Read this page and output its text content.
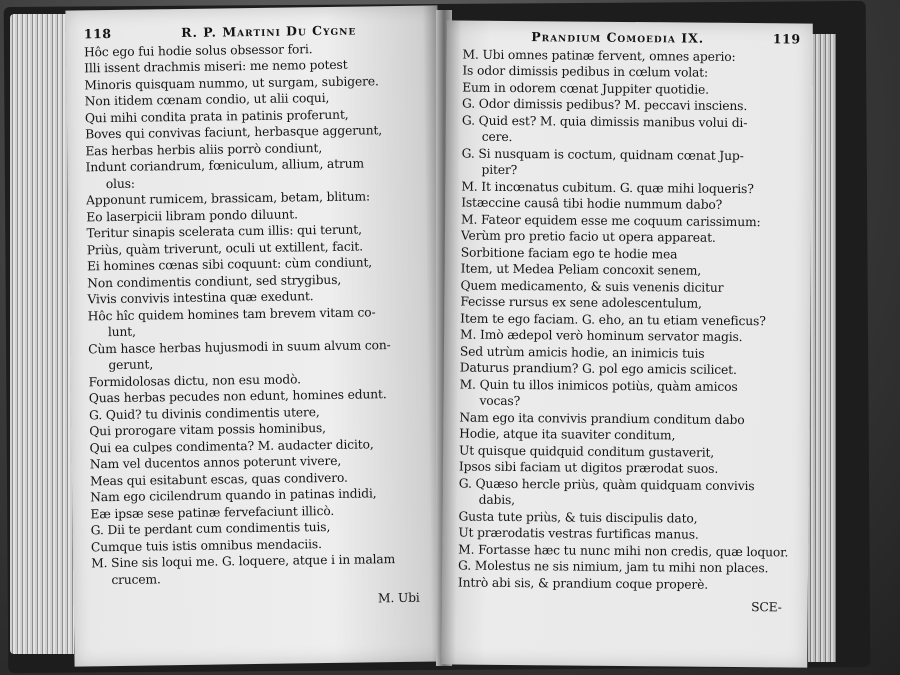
118	R. P. Martini Du Cygne
Hôc ego fui hodie solus obsessor fori.
Illi issent drachmis miseri: me nemo potest
Minoris quisquam nummo, ut surgam, subigere.
Non itidem cœnam condio, ut alii coqui,
Qui mihi condita prata in patinis proferunt,
Boves qui convivas faciunt, herbasque aggerunt,
Eas herbas herbis aliis porrò condiunt,
Indunt coriandrum, fœniculum, allium, atrum
olus:
Apponunt rumicem, brassicam, betam, blitum:
Eo laserpicii libram pondo diluunt.
Teritur sinapis scelerata cum illis: qui terunt,
Priùs, quàm triverunt, oculi ut extillent, facit.
Ei homines cœnas sibi coquunt: cùm condiunt,
Non condimentis condiunt, sed strygibus,
Vivis convivis intestina quæ exedunt.
Hôc hîc quidem homines tam brevem vitam co-
lunt,
Cùm hasce herbas hujusmodi in suum alvum con-
gerunt,
Formidolosas dictu, non esu modò.
Quas herbas pecudes non edunt, homines edunt.
G. Quid? tu divinis condimentis utere,
Qui prorogare vitam possis hominibus,
Qui ea culpes condimenta? M. audacter dicito,
Nam vel ducentos annos poterunt vivere,
Meas qui esitabunt escas, quas condivero.
Nam ego cicilendrum quando in patinas indidi,
Eæ ipsæ sese patinæ fervefaciunt illicò.
G. Dii te perdant cum condimentis tuis,
Cumque tuis istis omnibus mendaciis.
M. Sine sis loqui me. G. loquere, atque i in malam
crucem.
M. Ubi
Prandium Comoedia IX.	119
M. Ubi omnes patinæ fervent, omnes aperio:
Is odor dimissis pedibus in cœlum volat:
Eum in odorem cœnat Juppiter quotidie.
G. Odor dimissis pedibus? M. peccavi insciens.
G. Quid est? M. quia dimissis manibus volui di-
cere.
G. Si nusquam is coctum, quidnam cœnat Jup-
piter?
M. It incœnatus cubitum. G. quæ mihi loqueris?
Istæccine causâ tibi hodie nummum dabo?
M. Fateor equidem esse me coquum carissimum:
Verùm pro pretio facio ut opera appareat.
Sorbitione faciam ego te hodie mea
Item, ut Medea Peliam concoxit senem,
Quem medicamento, & suis venenis dicitur
Fecisse rursus ex sene adolescentulum,
Item te ego faciam. G. eho, an tu etiam veneficus?
M. Imò ædepol verò hominum servator magis.
Sed utrùm amicis hodie, an inimicis tuis
Daturus prandium? G. pol ego amicis scilicet.
M. Quin tu illos inimicos potiùs, quàm amicos
vocas?
Nam ego ita convivis prandium conditum dabo
Hodie, atque ita suaviter conditum,
Ut quisque quidquid conditum gustaverit,
Ipsos sibi faciam ut digitos prærodat suos.
G. Quæso hercle priùs, quàm quidquam convivis
dabis,
Gusta tute priùs, & tuis discipulis dato,
Ut prærodatis vestras furtificas manus.
M. Fortasse hæc tu nunc mihi non credis, quæ loquor.
G. Molestus ne sis nimium, jam tu mihi non places.
Intrò abi sis, & prandium coque properè.
SCE-
